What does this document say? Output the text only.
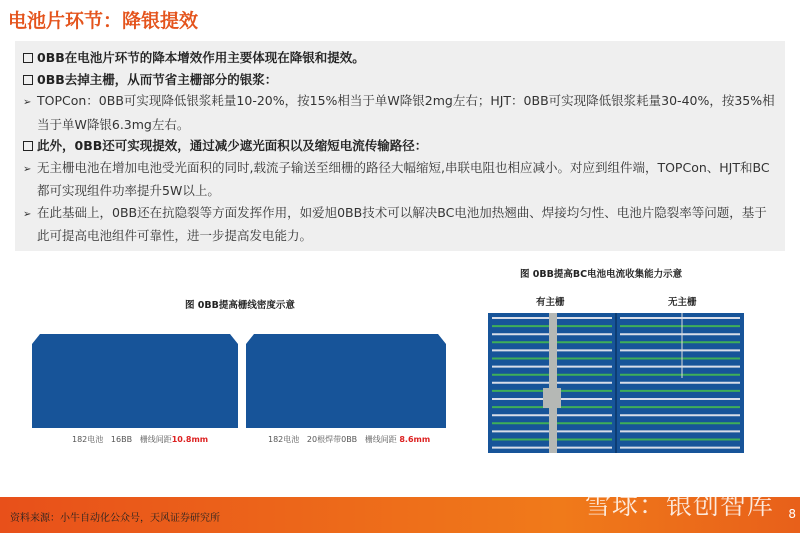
电池片环节：降银提效
0BB在电池片环节的降本增效作用主要体现在降银和提效。
0BB去掉主栅，从而节省主栅部分的银浆：
➢ TOPCon：0BB可实现降低银浆耗量10-20%，按15%相当于单W降银2mg左右；HJT：0BB可实现降低银浆耗量30-40%，按35%相当于单W降银6.3mg左右。
此外，0BB还可实现提效，通过减少遮光面积以及缩短电流传输路径：
➢ 无主栅电池在增加电池受光面积的同时,载流子输送至细栅的路径大幅缩短,串联电阻也相应减小。对应到组件端，TOPCon、HJT和BC都可实现组件功率提升5W以上。
➢ 在此基础上，0BB还在抗隐裂等方面发挥作用，如爱旭0BB技术可以解决BC电池加热翘曲、焊接均匀性、电池片隐裂率等问题，基于此可提高电池组件可靠性，进一步提高发电能力。
图 0BB提高栅线密度示意
182电池 16BB 栅线间距10.8mm	182电池 20根焊带0BB 栅线间距 8.6mm
图 0BB提高BC电池电流收集能力示意
有主栅	无主栅
资料来源：小牛自动化公众号，天风证券研究所	雪球：银创智库 8
